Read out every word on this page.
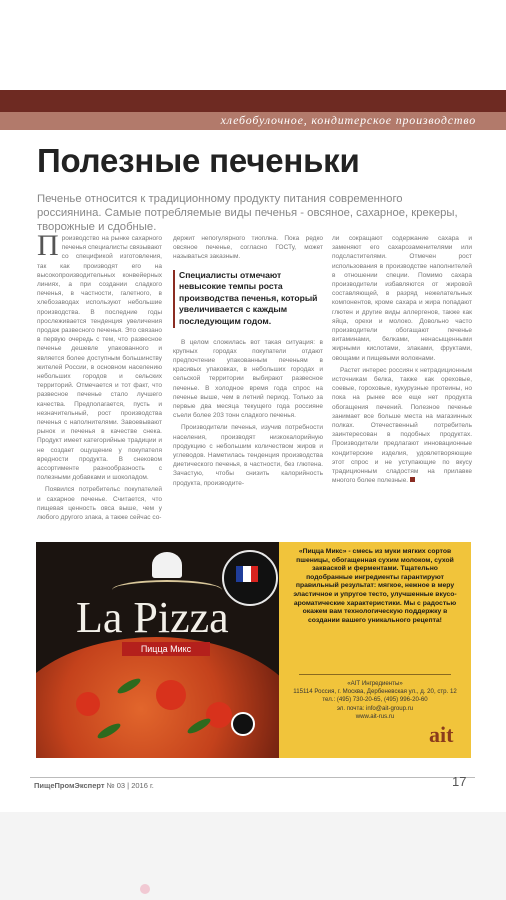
хлебобулочное, кондитерское производство
Полезные печеньки
Печенье относится к традиционному продукту питания современного россиянина. Самые потребляемые виды печенья - овсяное, сахарное, крекеры, творожные и сдобные.

Производство на рынке сахарного печенья специалисты связывают со спецификой изготовления, так как производят его на высокопроизводительных конвейерных линиях, а при создании сладкого печенья, в частности, галетного, в хлебозаводах используют небольшие производства. В последние годы прослеживается тенденция увеличения продаж развесного печенья. Это связано в первую очередь с тем, что развесное печенье дешевле упакованного и является более доступным большинству жителей России, в основном населению небольших городов и сельских территорий. Отмечается и тот факт, что развесное печенье стало лучшего качества. Предполагается, пусть и незначительный, рост производства печенья с наполнителями. Завоевывают рынок и печенья в качестве снека. Продукт имеет категорийные традиции и не создает ощущение у покупателя вредности продукта. В снековом ассортименте разнообразность с полезными добавками и шоколадом.

Появился потребительс покупателей и сахарное печенье. Считается, что пищевая ценность овса выше, чем у любого другого злака, а также сейчас со-

держит непогулярного тиоплна. Пока редко овсяное печенье, согласно ГОСТу, может называться заказным.

Специалисты отмечают невысокие темпы роста производства печенья, который увеличивается с каждым последующим годом.

В целом сложилась вот такая ситуация: в крупных городах покупатели отдают предпочтение упакованным печеньям в красивых упаковках, в небольших городах и сельской территории выбирают развесное печенье. В холодное время года спрос на печенье выше, чем в летний период. Только за первые два месяца текущего года россияне съели более 203 тонн сладкого печенья.

Производители печенья, изучив потребности населения, производят низкокалорийную продукцию с небольшим количеством жиров и углеводов. Наметилась тенденция производства диетического печенья, в частности, без глютена. Зачастую, чтобы снизить калорийность продукта, производите-

ли сокращают содержание сахара и заменяют его сахарозаменителями или подсластителями. Отмечен рост использования в производстве наполнителей в отношении специи. Помимо сахара производители избавляются от жировой составляющей, в разряд нежелательных компонентов, кроме сахара и жира попадают глютен и другие виды аллергенов, также как яйца, орехи и молоко. Довольно часто производители обогащают печенье витаминами, белками, ненасыщенными жирными кислотами, злаками, фруктами, овощами и пищевыми волокнами.

Растет интерес россиян к нетрадиционным источникам белка, также как ореховые, соевые, гороховые, кукурузные протеины, но пока на рынке все еще нет продукта обогащения печений. Полезное печенье занимает все больше места на магазинных полках. Отечественный потребитель заинтересован в подобных продуктах. Производители предлагают инновационные кондитерские изделия, удовлетворяющие этот спрос и не уступающие по вкусу традиционным сладостям на прилавке многого более полезные.

La Pizza
Пицца Микс
«Пицца Микс» - смесь из муки мягких сортов пшеницы, обогащенная сухим молоком, сухой закваской и ферментами. Тщательно подобранные ингредиенты гарантируют правильный результат: мягкое, нежное в меру эластичное и упругое тесто, улучшенные вкусо-ароматические характеристики. Мы с радостью окажем вам технологическую поддержку в создании вашего уникального рецепта!
«АІТ Ингредиенты»
115114 Россия, г. Москва, Дербеневская ул., д. 20, стр. 12
тел.: (495) 730-20-65, (495) 996-20-60
эл. почта: info@ait-group.ru
www.ait-rus.ru
ait
ПищеПромЭксперт № 03 | 2016 г.	17
